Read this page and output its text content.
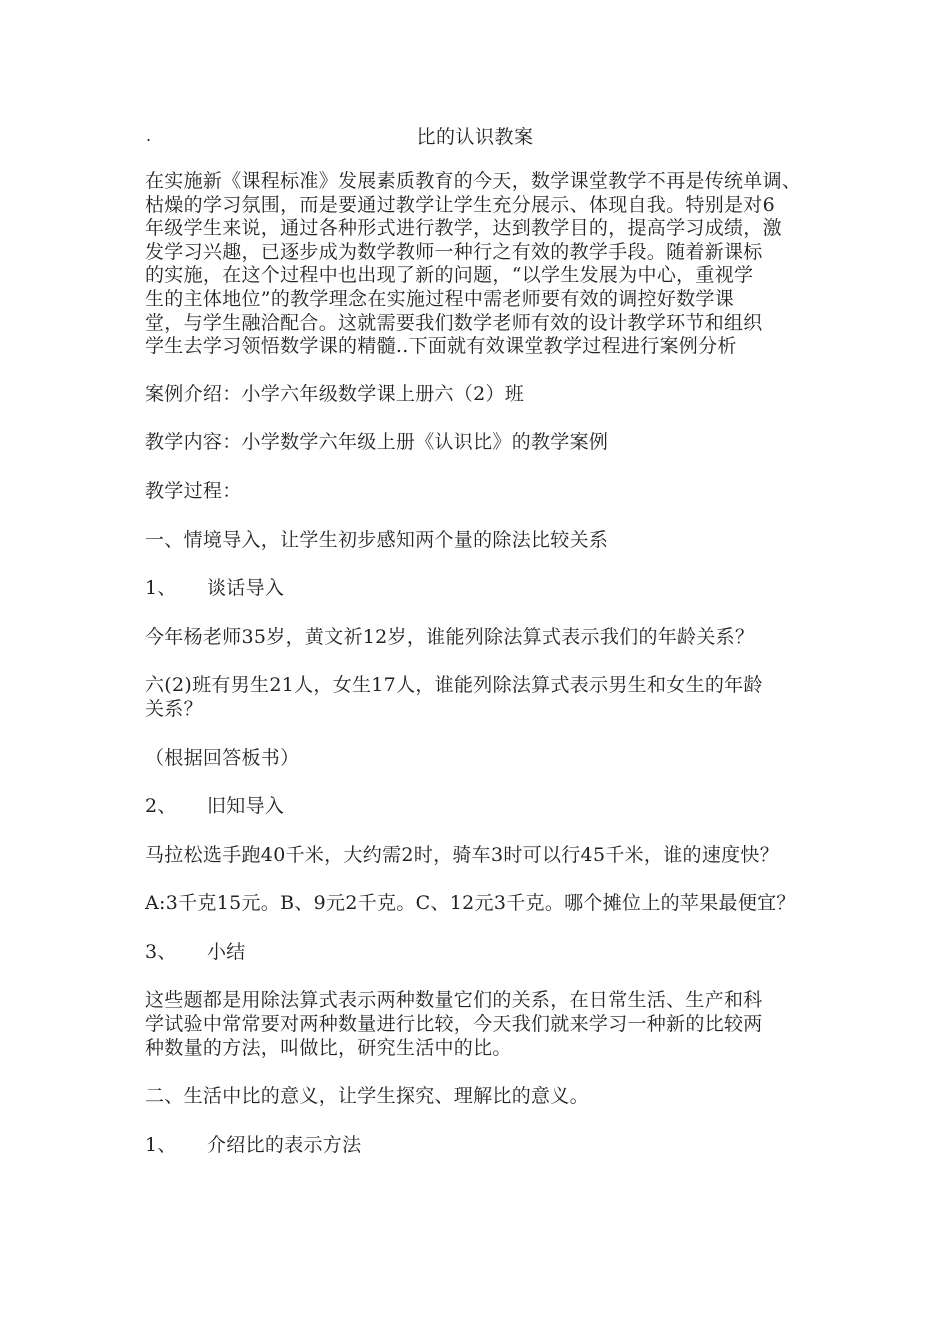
.	比的认识教案

在实施新《课程标准》发展素质教育的今天，数学课堂教学不再是传统单调、

枯燥的学习氛围，而是要通过教学让学生充分展示、体现自我。特别是对6

年级学生来说，通过各种形式进行教学，达到教学目的，提高学习成绩，激

发学习兴趣，已逐步成为数学教师一种行之有效的教学手段。随着新课标

的实施，在这个过程中也出现了新的问题，“以学生发展为中心，重视学

生的主体地位”的教学理念在实施过程中需老师要有效的调控好数学课

堂，与学生融洽配合。这就需要我们数学老师有效的设计教学环节和组织

学生去学习领悟数学课的精髓..下面就有效课堂教学过程进行案例分析

案例介绍：小学六年级数学课上册六（2）班

教学内容：小学数学六年级上册《认识比》的教学案例

教学过程：

一、情境导入，让学生初步感知两个量的除法比较关系

1、 谈话导入

今年杨老师35岁，黄文祈12岁，谁能列除法算式表示我们的年龄关系？

六(2)班有男生21人，女生17人，谁能列除法算式表示男生和女生的年龄

关系？

（根据回答板书）

2、 旧知导入

马拉松选手跑40千米，大约需2时，骑车3时可以行45千米，谁的速度快？

A:3千克15元。B、9元2千克。C、12元3千克。哪个摊位上的苹果最便宜？

3、 小结

这些题都是用除法算式表示两种数量它们的关系，在日常生活、生产和科

学试验中常常要对两种数量进行比较，今天我们就来学习一种新的比较两

种数量的方法，叫做比，研究生活中的比。

二、生活中比的意义，让学生探究、理解比的意义。

1、 介绍比的表示方法
